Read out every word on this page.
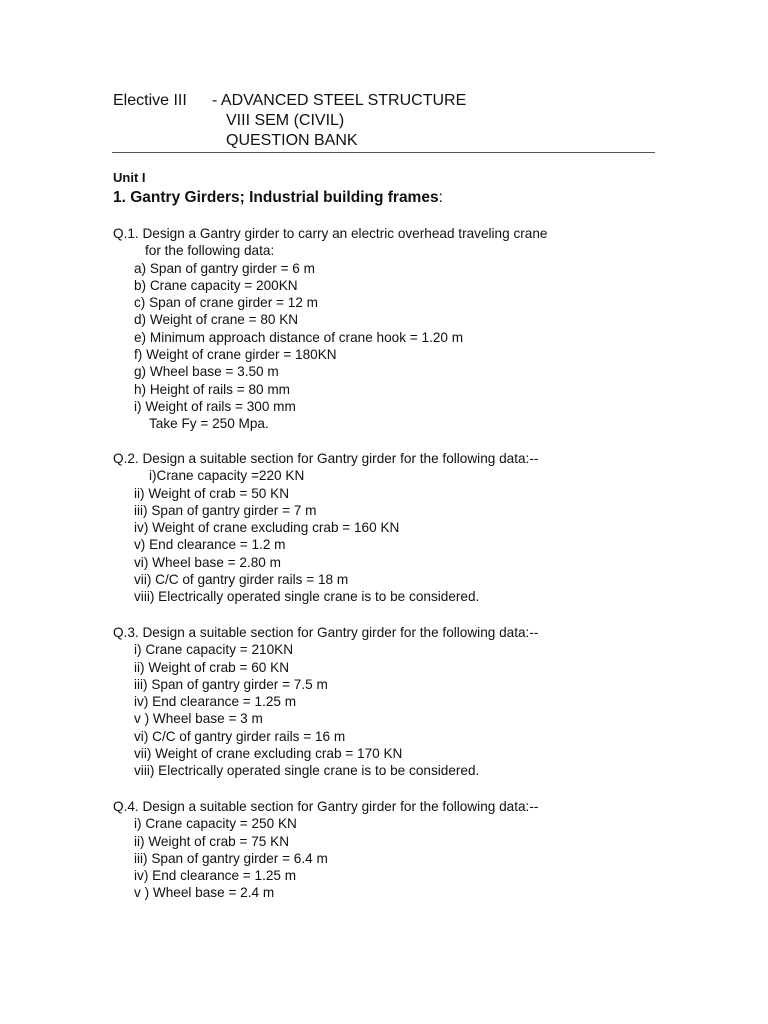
Elective III - ADVANCED STEEL STRUCTURE
VIII SEM (CIVIL)
QUESTION BANK
Unit I
1. Gantry Girders; Industrial building frames:
Q.1. Design a Gantry girder to carry an electric overhead traveling crane
for the following data:
a) Span of gantry girder = 6 m
b) Crane capacity = 200KN
c) Span of crane girder = 12 m
d) Weight of crane = 80 KN
e) Minimum approach distance of crane hook = 1.20 m
f) Weight of crane girder = 180KN
g) Wheel base = 3.50 m
h) Height of rails = 80 mm
i) Weight of rails = 300 mm
Take Fy = 250 Mpa.
Q.2. Design a suitable section for Gantry girder for the following data:--
i)Crane capacity =220 KN
ii) Weight of crab = 50 KN
iii) Span of gantry girder = 7 m
iv) Weight of crane excluding crab = 160 KN
v) End clearance = 1.2 m
vi) Wheel base = 2.80 m
vii) C/C of gantry girder rails = 18 m
viii) Electrically operated single crane is to be considered.
Q.3. Design a suitable section for Gantry girder for the following data:--
i) Crane capacity = 210KN
ii) Weight of crab = 60 KN
iii) Span of gantry girder = 7.5 m
iv) End clearance = 1.25 m
v ) Wheel base = 3 m
vi) C/C of gantry girder rails = 16 m
vii) Weight of crane excluding crab = 170 KN
viii) Electrically operated single crane is to be considered.
Q.4. Design a suitable section for Gantry girder for the following data:--
i) Crane capacity = 250 KN
ii) Weight of crab = 75 KN
iii) Span of gantry girder = 6.4 m
iv) End clearance = 1.25 m
v ) Wheel base = 2.4 m
